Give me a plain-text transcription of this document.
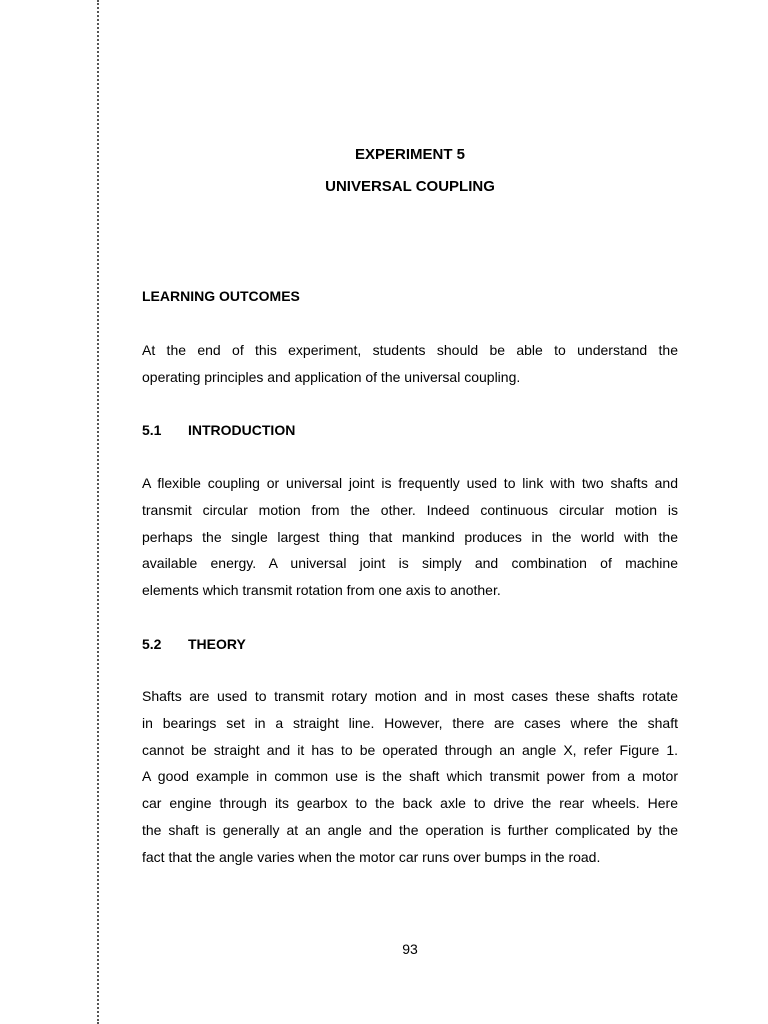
EXPERIMENT 5
UNIVERSAL COUPLING
LEARNING OUTCOMES
At the end of this experiment, students should be able to understand the
operating principles and application of the universal coupling.
5.1 INTRODUCTION
A flexible coupling or universal joint is frequently used to link with two shafts and
transmit circular motion from the other. Indeed continuous circular motion is
perhaps the single largest thing that mankind produces in the world with the
available energy. A universal joint is simply and combination of machine
elements which transmit rotation from one axis to another.
5.2 THEORY
Shafts are used to transmit rotary motion and in most cases these shafts rotate
in bearings set in a straight line. However, there are cases where the shaft
cannot be straight and it has to be operated through an angle X, refer Figure 1.
A good example in common use is the shaft which transmit power from a motor
car engine through its gearbox to the back axle to drive the rear wheels. Here
the shaft is generally at an angle and the operation is further complicated by the
fact that the angle varies when the motor car runs over bumps in the road.
93
